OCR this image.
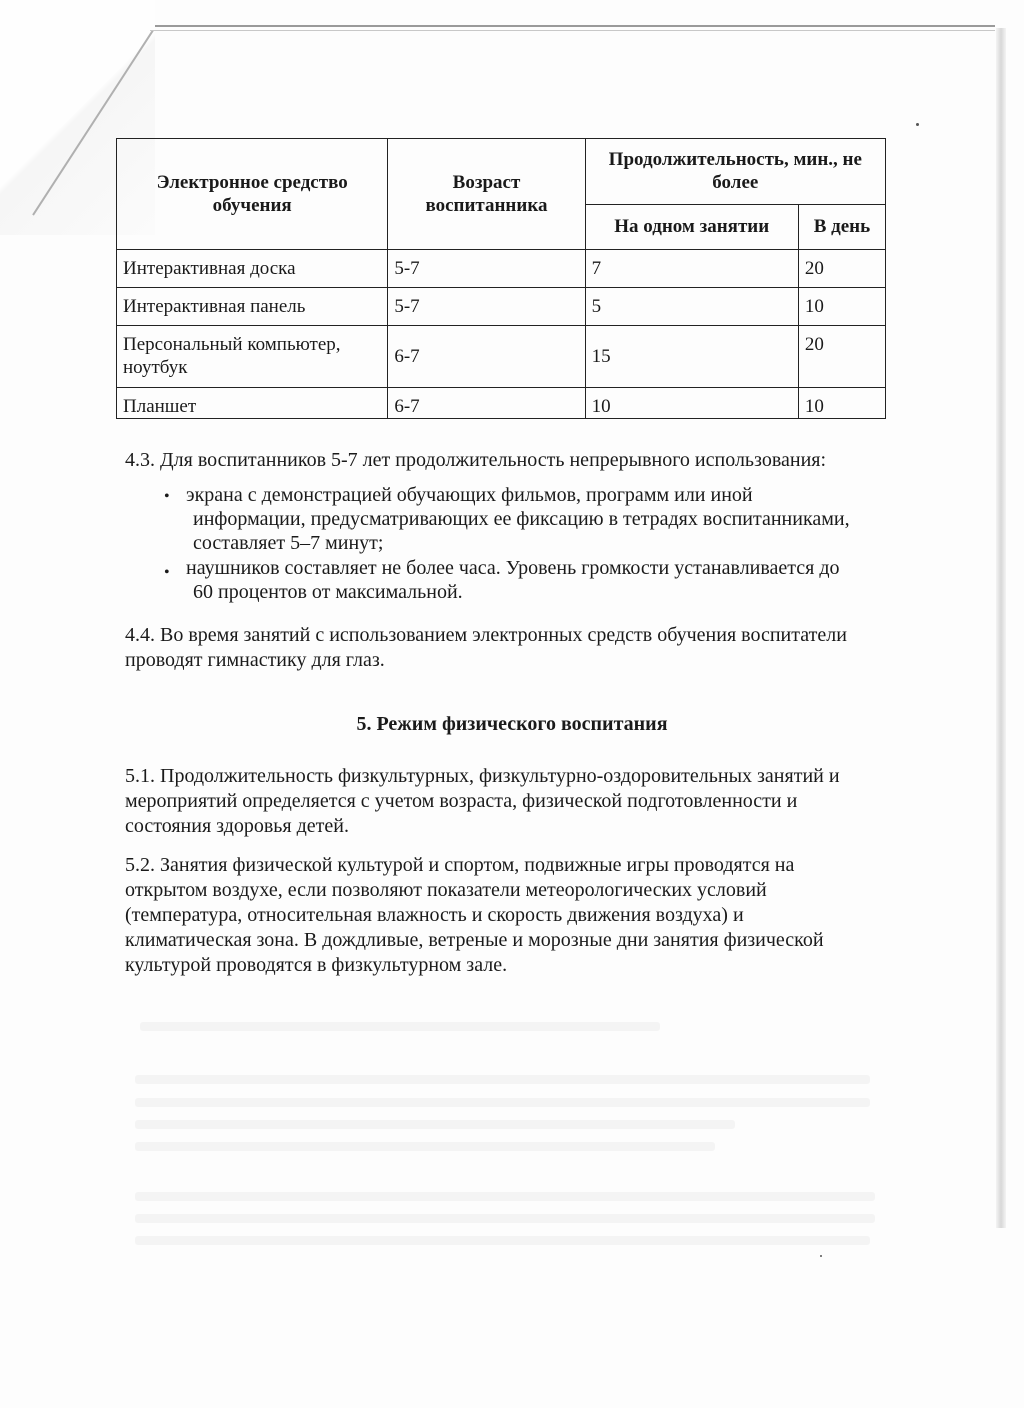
Электронное средство обучения	Возраст воспитанника	Продолжительность, мин., не более	
		На одном занятии	В день
Интерактивная доска	5-7	7	20
Интерактивная панель	5-7	5	10
Персональный компьютер, ноутбук	6-7	15	20
Планшет	6-7	10	10
4.3. Для воспитанников 5-7 лет продолжительность непрерывного использования:
• экрана с демонстрацией обучающих фильмов, программ или иной
информации, предусматривающих ее фиксацию в тетрадях воспитанниками,
составляет 5–7 минут;
• наушников составляет не более часа. Уровень громкости устанавливается до
60 процентов от максимальной.
4.4. Во время занятий с использованием электронных средств обучения воспитатели
проводят гимнастику для глаз.
5. Режим физического воспитания
5.1. Продолжительность физкультурных, физкультурно-оздоровительных занятий и
мероприятий определяется с учетом возраста, физической подготовленности и
состояния здоровья детей.
5.2. Занятия физической культурой и спортом, подвижные игры проводятся на
открытом воздухе, если позволяют показатели метеорологических условий
(температура, относительная влажность и скорость движения воздуха) и
климатическая зона. В дождливые, ветреные и морозные дни занятия физической
культурой проводятся в физкультурном зале.
